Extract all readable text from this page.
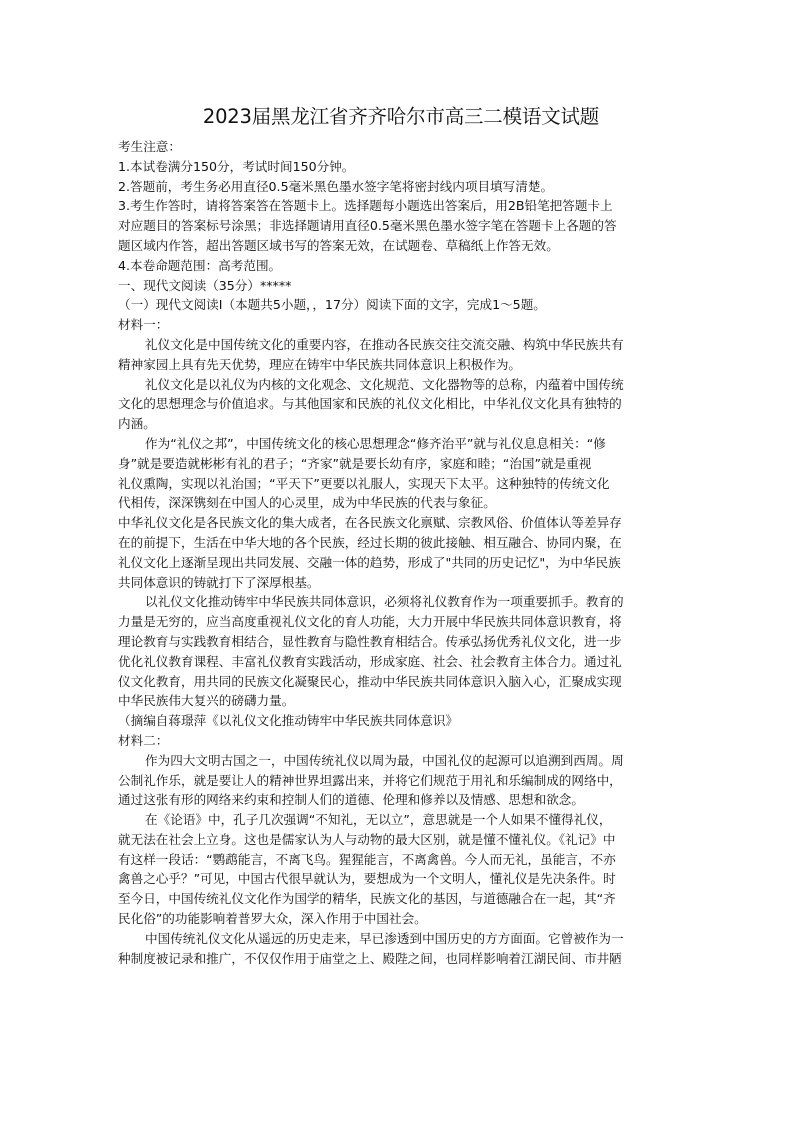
2023届黑龙江省齐齐哈尔市高三二模语文试题
考生注意：
1.本试卷满分150分，考试时间150分钟。
2.答题前，考生务必用直径0.5毫米黑色墨水签字笔将密封线内项目填写清楚。
3.考生作答时，请将答案答在答题卡上。选择题每小题选出答案后，用2B铅笔把答题卡上
对应题目的答案标号涂黑；非选择题请用直径0.5毫米黑色墨水签字笔在答题卡上各题的答
题区域内作答，超出答题区域书写的答案无效，在试题卷、草稿纸上作答无效。
4.本卷命题范围：高考范围。
一、现代文阅读（35分）*****
（一）现代文阅读Ⅰ（本题共5小题，，17分）阅读下面的文字，完成1～5题。
材料一：
礼仪文化是中国传统文化的重要内容，在推动各民族交往交流交融、构筑中华民族共有
精神家园上具有先天优势，理应在铸牢中华民族共同体意识上积极作为。
礼仪文化是以礼仪为内核的文化观念、文化规范、文化器物等的总称，内蕴着中国传统
文化的思想理念与价值追求。与其他国家和民族的礼仪文化相比，中华礼仪文化具有独特的
内涵。
作为“礼仪之邦”，中国传统文化的核心思想理念“修齐治平”就与礼仪息息相关：“修
身”就是要造就彬彬有礼的君子；“齐家”就是要长幼有序，家庭和睦；“治国”就是重视
礼仪熏陶，实现以礼治国；“平天下”更要以礼服人，实现天下太平。这种独特的传统文化
代相传，深深镌刻在中国人的心灵里，成为中华民族的代表与象征。
中华礼仪文化是各民族文化的集大成者，在各民族文化禀赋、宗教风俗、价值体认等差异存
在的前提下，生活在中华大地的各个民族，经过长期的彼此接触、相互融合、协同内聚，在
礼仪文化上逐渐呈现出共同发展、交融一体的趋势，形成了"共同的历史记忆"，为中华民族
共同体意识的铸就打下了深厚根基。
以礼仪文化推动铸牢中华民族共同体意识，必须将礼仪教育作为一项重要抓手。教育的
力量是无穷的，应当高度重视礼仪文化的育人功能，大力开展中华民族共同体意识教育，将
理论教育与实践教育相结合，显性教育与隐性教育相结合。传承弘扬优秀礼仪文化，进一步
优化礼仪教育课程、丰富礼仪教育实践活动，形成家庭、社会、社会教育主体合力。通过礼
仪文化教育，用共同的民族文化凝聚民心，推动中华民族共同体意识入脑入心，汇聚成实现
中华民族伟大复兴的磅礴力量。
（摘编自蒋璟萍《以礼仪文化推动铸牢中华民族共同体意识》
材料二：
作为四大文明古国之一，中国传统礼仪以周为最，中国礼仪的起源可以追溯到西周。周
公制礼作乐，就是要让人的精神世界坦露出来，并将它们规范于用礼和乐编制成的网络中，
通过这张有形的网络来约束和控制人们的道德、伦理和修养以及情感、思想和欲念。
在《论语》中，孔子几次强调“不知礼，无以立”，意思就是一个人如果不懂得礼仪，
就无法在社会上立身。这也是儒家认为人与动物的最大区别，就是懂不懂礼仪。《礼记》中
有这样一段话：“鹦鹉能言，不离飞鸟。猩猩能言，不离禽兽。今人而无礼，虽能言，不亦
禽兽之心乎？”可见，中国古代很早就认为，要想成为一个文明人，懂礼仪是先决条件。时
至今日，中国传统礼仪文化作为国学的精华，民族文化的基因，与道德融合在一起，其“齐
民化俗”的功能影响着普罗大众，深入作用于中国社会。
中国传统礼仪文化从遥远的历史走来，早已渗透到中国历史的方方面面。它曾被作为一
种制度被记录和推广，不仅仅作用于庙堂之上、殿陛之间，也同样影响着江湖民间、市井陋
